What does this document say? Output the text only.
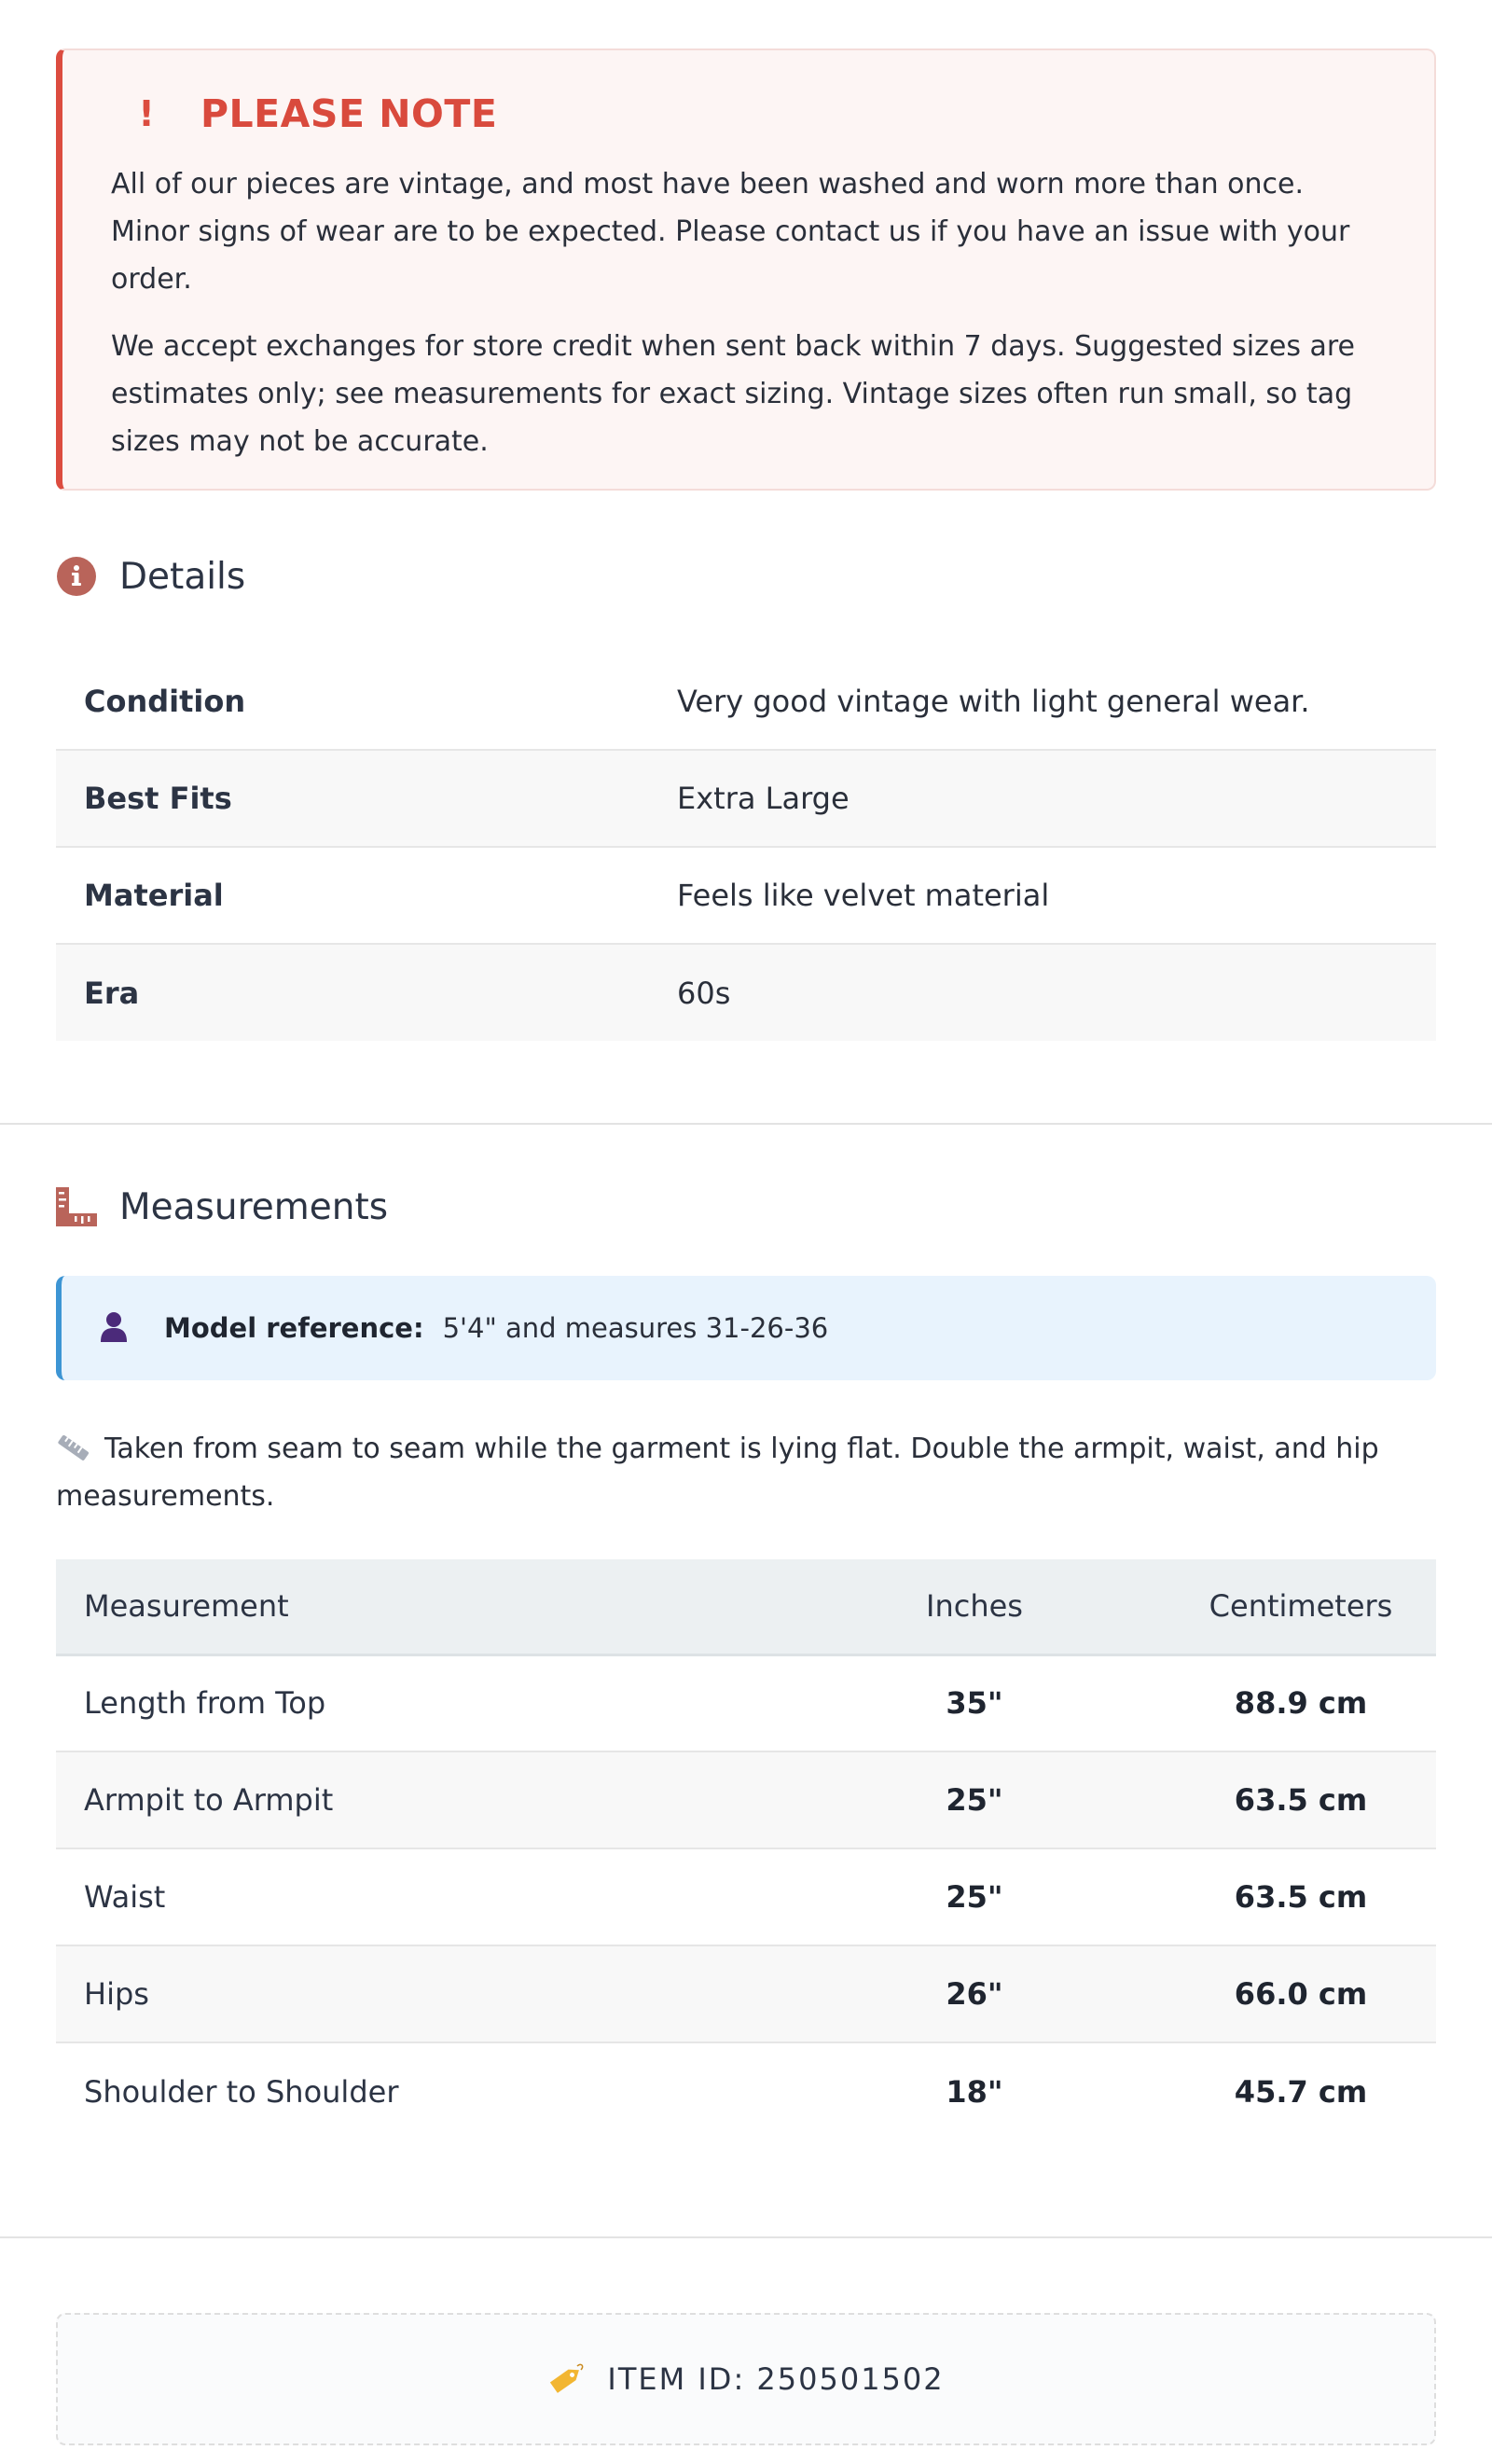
! PLEASE NOTE

All of our pieces are vintage, and most have been washed and worn more than once. Minor signs of wear are to be expected. Please contact us if you have an issue with your order.

We accept exchanges for store credit when sent back within 7 days. Suggested sizes are estimates only; see measurements for exact sizing. Vintage sizes often run small, so tag sizes may not be accurate.

Details
Condition	Very good vintage with light general wear.
Best Fits	Extra Large
Material	Feels like velvet material
Era	60s
Measurements
Model reference: 5'4" and measures 31-26-36
Taken from seam to seam while the garment is lying flat. Double the armpit, waist, and hip measurements.
Measurement	Inches	Centimeters
Length from Top	35"	88.9 cm
Armpit to Armpit	25"	63.5 cm
Waist	25"	63.5 cm
Hips	26"	66.0 cm
Shoulder to Shoulder	18"	45.7 cm
ITEM ID: 250501502
